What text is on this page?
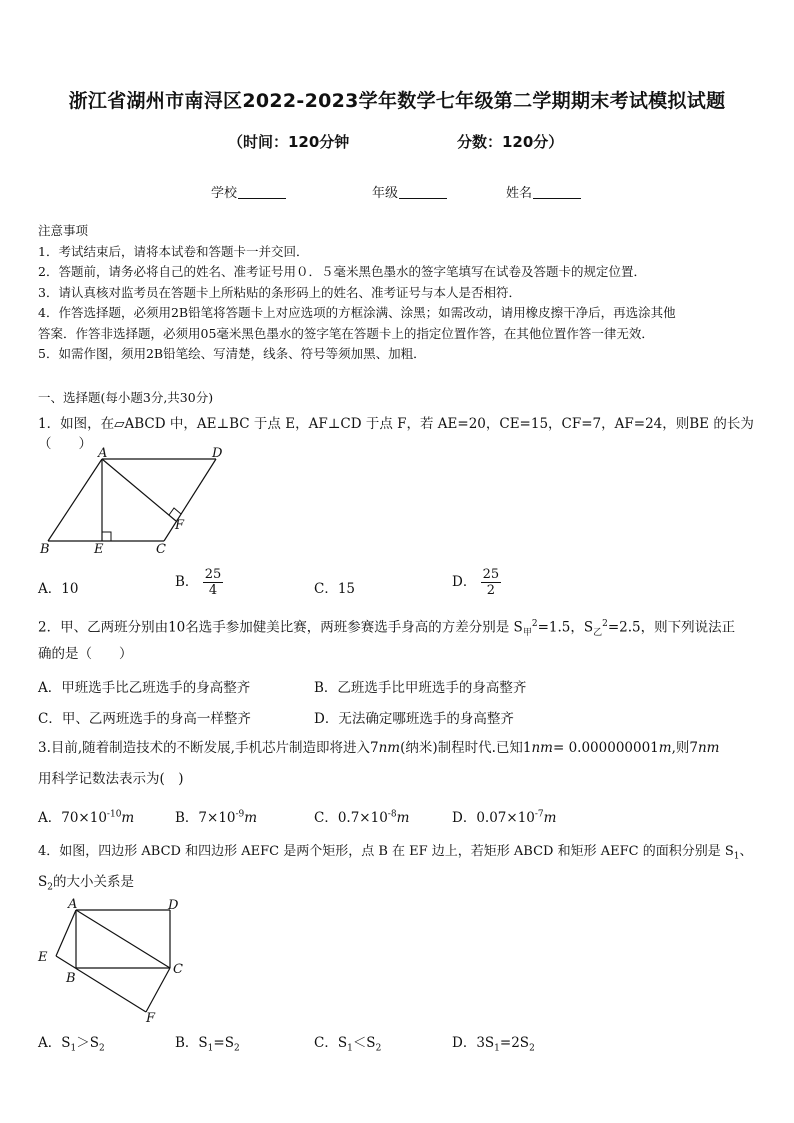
浙江省湖州市南浔区2022-2023学年数学七年级第二学期期末考试模拟试题
（时间：120分钟	分数：120分）
学校	年级	姓名
注意事项
1．考试结束后，请将本试卷和答题卡一并交回．
2．答题前，请务必将自己的姓名、准考证号用０．５毫米黑色墨水的签字笔填写在试卷及答题卡的规定位置．
3．请认真核对监考员在答题卡上所粘贴的条形码上的姓名、准考证号与本人是否相符．
4．作答选择题，必须用2B铅笔将答题卡上对应选项的方框涂满、涂黑；如需改动，请用橡皮擦干净后，再选涂其他
答案．作答非选择题，必须用05毫米黑色墨水的签字笔在答题卡上的指定位置作答，在其他位置作答一律无效．
5．如需作图，须用2B铅笔绘、写清楚，线条、符号等须加黑、加粗．
一、选择题(每小题3分,共30分)
1．如图，在▱ABCD 中，AE⊥BC 于点 E，AF⊥CD 于点 F，若 AE=20，CE=15，CF=7，AF=24，则BE 的长为（　　）
A	D
B	E	C
F
A．10	B． $\frac{25}{4}$	C．15	D． $\frac{25}{2}$
2．甲、乙两班分别由10名选手参加健美比赛，两班参赛选手身高的方差分别是 $S_甲^2=1.5$，$S_乙^2=2.5$，则下列说法正
确的是（　　）
A．甲班选手比乙班选手的身高整齐	B．乙班选手比甲班选手的身高整齐
C．甲、乙两班选手的身高一样整齐	D．无法确定哪班选手的身高整齐
3.目前,随着制造技术的不断发展,手机芯片制造即将进入7nm(纳米)制程时代.已知1nm= 0.000000001m,则7nm
用科学记数法表示为(　)
A．$70\times 10^{-10}m$	B．$7\times 10^{-9}m$	C．$0.7\times 10^{-8}m$	D．$0.07\times 10^{-7}m$
4．如图，四边形 ABCD 和四边形 AEFC 是两个矩形，点 B 在 EF 边上，若矩形 ABCD 和矩形 AEFC 的面积分别是 $S_1$、
$S_2$的大小关系是
A	D
E
B
C
F
A．$S_1>S_2$	B．$S_1=S_2$	C．$S_1<S_2$	D．$3S_1=2S_2$
